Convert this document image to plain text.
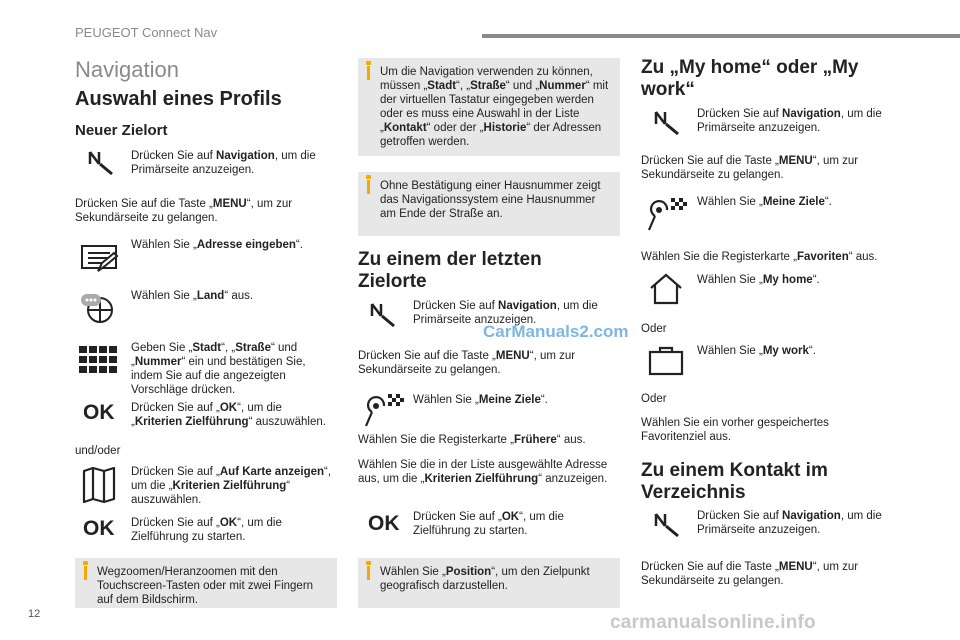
PEUGEOT Connect Nav
Navigation
Auswahl eines Profils
Neuer Zielort
Drücken Sie auf Navigation, um die Primärseite anzuzeigen.
Drücken Sie auf die Taste „MENU“, um zur Sekundärseite zu gelangen.
Wählen Sie „Adresse eingeben“.
Wählen Sie „Land“ aus.
Geben Sie „Stadt“, „Straße“ und „Nummer“ ein und bestätigen Sie, indem Sie auf die angezeigten Vorschläge drücken.
OK Drücken Sie auf „OK“, um die „Kriterien Zielführung“ auszuwählen.
und/oder
Drücken Sie auf „Auf Karte anzeigen“, um die „Kriterien Zielführung“ auszuwählen.
OK Drücken Sie auf „OK“, um die Zielführung zu starten.
Wegzoomen/Heranzoomen mit den Touchscreen-Tasten oder mit zwei Fingern auf dem Bildschirm.
Um die Navigation verwenden zu können, müssen „Stadt“, „Straße“ und „Nummer“ mit der virtuellen Tastatur eingegeben werden oder es muss eine Auswahl in der Liste „Kontakt“ oder der „Historie“ der Adressen getroffen werden.
Ohne Bestätigung einer Hausnummer zeigt das Navigationssystem eine Hausnummer am Ende der Straße an.
Zu einem der letzten Zielorte
Drücken Sie auf Navigation, um die Primärseite anzuzeigen.
CarManuals2.com
Drücken Sie auf die Taste „MENU“, um zur Sekundärseite zu gelangen.
Wählen Sie „Meine Ziele“.
Wählen Sie die Registerkarte „Frühere“ aus.
Wählen Sie die in der Liste ausgewählte Adresse aus, um die „Kriterien Zielführung“ anzuzeigen.
OK Drücken Sie auf „OK“, um die Zielführung zu starten.
Wählen Sie „Position“, um den Zielpunkt geografisch darzustellen.
Zu „My home“ oder „My work“
Drücken Sie auf Navigation, um die Primärseite anzuzeigen.
Drücken Sie auf die Taste „MENU“, um zur Sekundärseite zu gelangen.
Wählen Sie „Meine Ziele“.
Wählen Sie die Registerkarte „Favoriten“ aus.
Wählen Sie „My home“.
Oder
Wählen Sie „My work“.
Oder
Wählen Sie ein vorher gespeichertes Favoritenziel aus.
Zu einem Kontakt im Verzeichnis
Drücken Sie auf Navigation, um die Primärseite anzuzeigen.
Drücken Sie auf die Taste „MENU“, um zur Sekundärseite zu gelangen.
12	carmanualsonline.info
